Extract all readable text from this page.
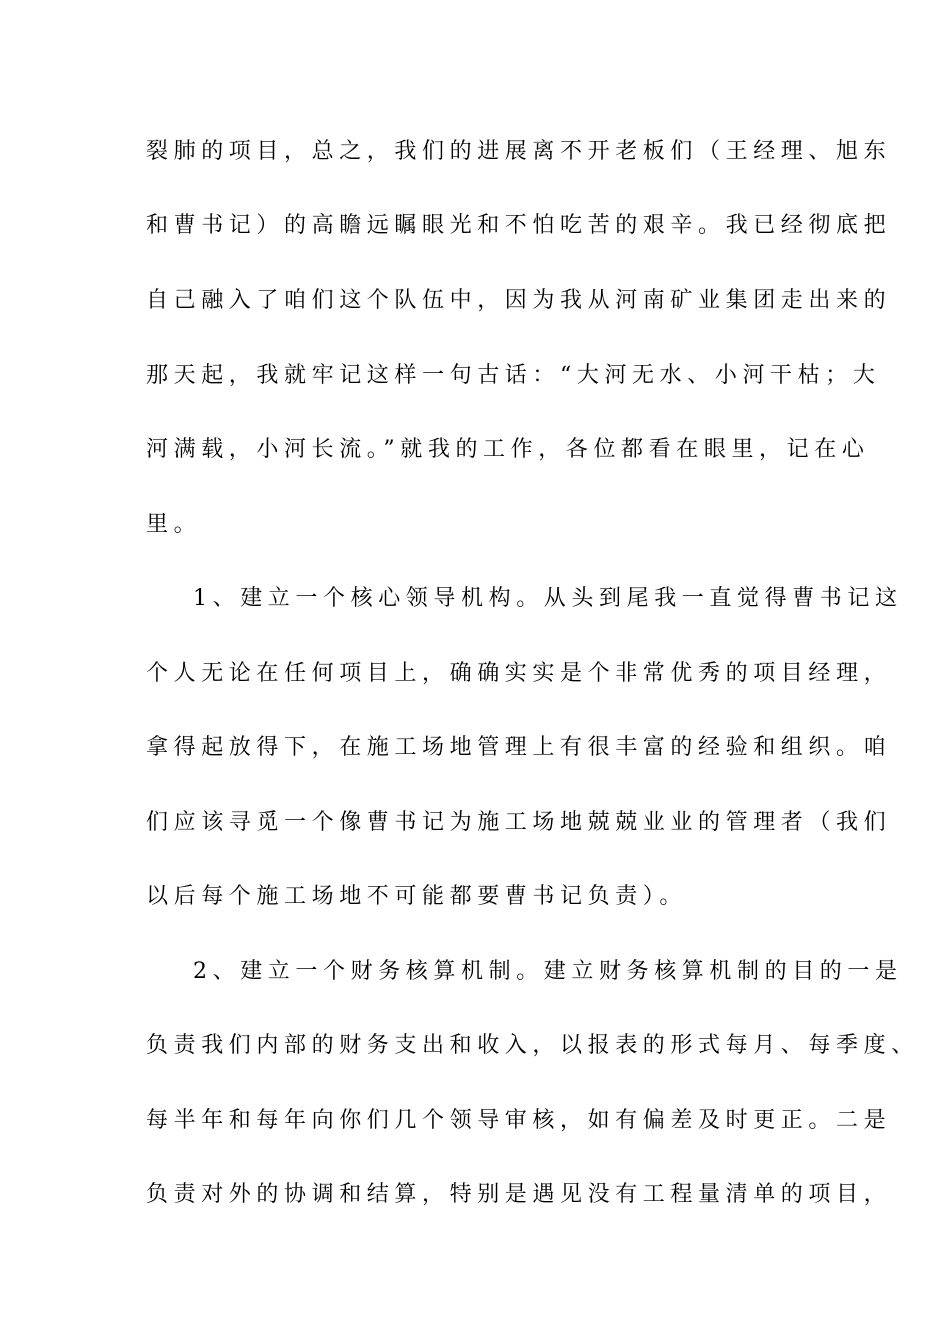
裂肺的项目，总之，我们的进展离不开老板们（王经理、旭东
和曹书记）的高瞻远瞩眼光和不怕吃苦的艰辛。我已经彻底把
自己融入了咱们这个队伍中，因为我从河南矿业集团走出来的
那天起，我就牢记这样一句古话：“大河无水、小河干枯；大
河满载，小河长流。”就我的工作，各位都看在眼里，记在心
里。
1、建立一个核心领导机构。从头到尾我一直觉得曹书记这
个人无论在任何项目上，确确实实是个非常优秀的项目经理，
拿得起放得下，在施工场地管理上有很丰富的经验和组织。咱
们应该寻觅一个像曹书记为施工场地兢兢业业的管理者（我们
以后每个施工场地不可能都要曹书记负责）。
2、建立一个财务核算机制。建立财务核算机制的目的一是
负责我们内部的财务支出和收入，以报表的形式每月、每季度、
每半年和每年向你们几个领导审核，如有偏差及时更正。二是
负责对外的协调和结算，特别是遇见没有工程量清单的项目，
